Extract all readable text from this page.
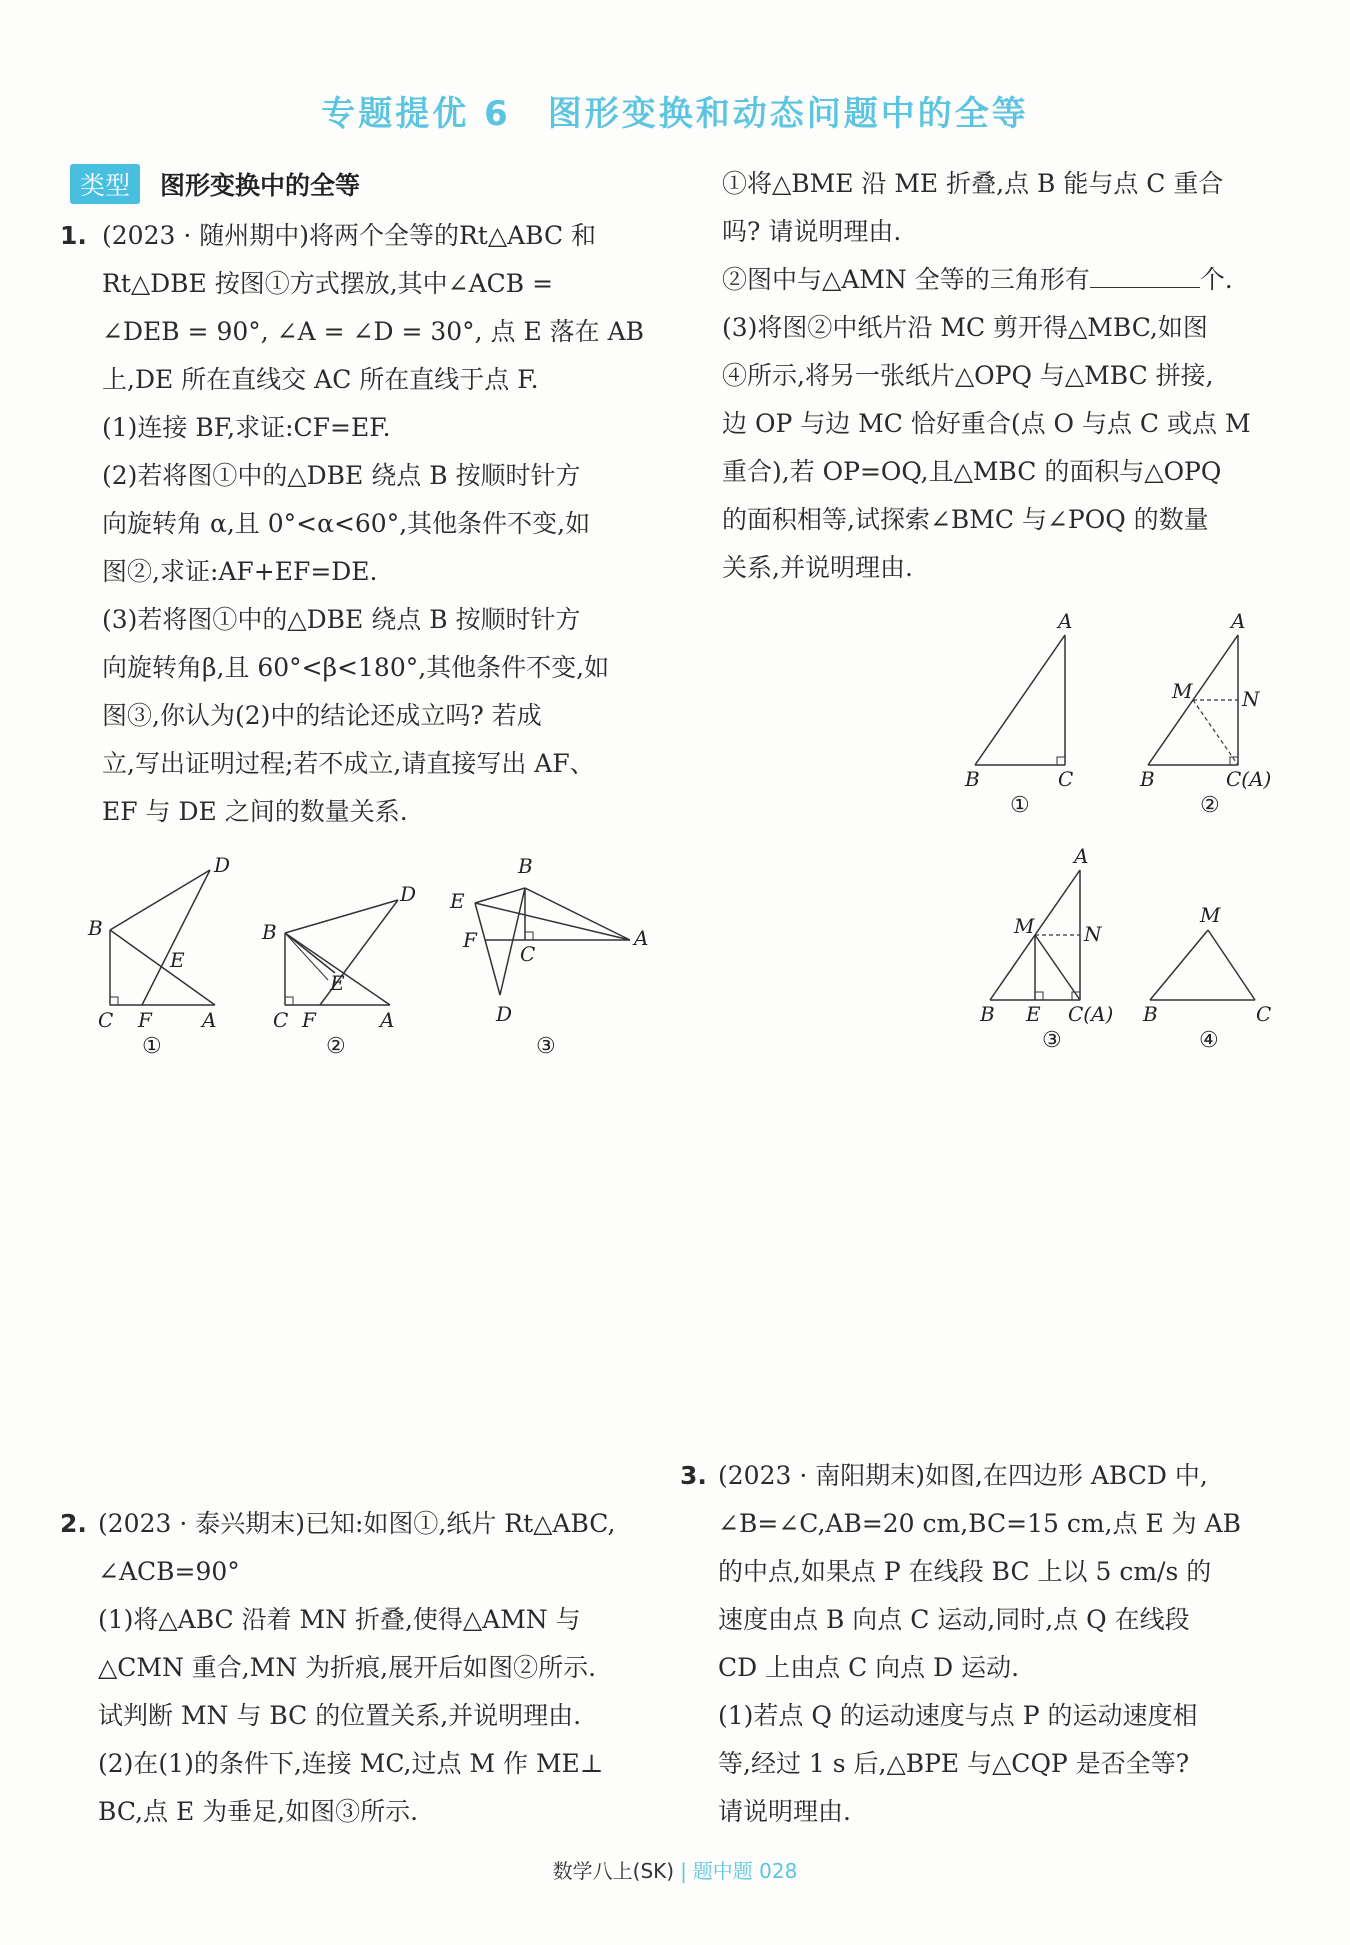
专题提优 6　图形变换和动态问题中的全等
类型	图形变换中的全等
1. (2023 · 随州期中)将两个全等的Rt△ABC 和
Rt△DBE 按图①方式摆放,其中∠ACB =
∠DEB = 90°, ∠A = ∠D = 30°, 点 E 落在 AB
上,DE 所在直线交 AC 所在直线于点 F.
(1)连接 BF,求证:CF=EF.
(2)若将图①中的△DBE 绕点 B 按顺时针方
向旋转角 α,且 0°<α<60°,其他条件不变,如
图②,求证:AF+EF=DE.
(3)若将图①中的△DBE 绕点 B 按顺时针方
向旋转角β,且 60°<β<180°,其他条件不变,如
图③,你认为(2)中的结论还成立吗? 若成
立,写出证明过程;若不成立,请直接写出 AF、
EF 与 DE 之间的数量关系.
B
D
E
C F	A
①
B
D
E
C F	A
②
B
E
F
C
A
D
③
①将△BME 沿 ME 折叠,点 B 能与点 C 重合
吗? 请说明理由.
②图中与△AMN 全等的三角形有	个.
(3)将图②中纸片沿 MC 剪开得△MBC,如图
④所示,将另一张纸片△OPQ 与△MBC 拼接,
边 OP 与边 MC 恰好重合(点 O 与点 C 或点 M
重合),若 OP=OQ,且△MBC 的面积与△OPQ
的面积相等,试探索∠BMC 与∠POQ 的数量
关系,并说明理由.
A
B	C
①
A
M N
B	C(A)
②
A
M N
B E C(A)
③
M
B	C
④
2. (2023 · 泰兴期末)已知:如图①,纸片 Rt△ABC,
∠ACB=90°
(1)将△ABC 沿着 MN 折叠,使得△AMN 与
△CMN 重合,MN 为折痕,展开后如图②所示.
试判断 MN 与 BC 的位置关系,并说明理由.
(2)在(1)的条件下,连接 MC,过点 M 作 ME⊥
BC,点 E 为垂足,如图③所示.
3. (2023 · 南阳期末)如图,在四边形 ABCD 中,
∠B=∠C,AB=20 cm,BC=15 cm,点 E 为 AB
的中点,如果点 P 在线段 BC 上以 5 cm/s 的
速度由点 B 向点 C 运动,同时,点 Q 在线段
CD 上由点 C 向点 D 运动.
(1)若点 Q 的运动速度与点 P 的运动速度相
等,经过 1 s 后,△BPE 与△CQP 是否全等?
请说明理由.
数学八上(SK) | 题中题 028
